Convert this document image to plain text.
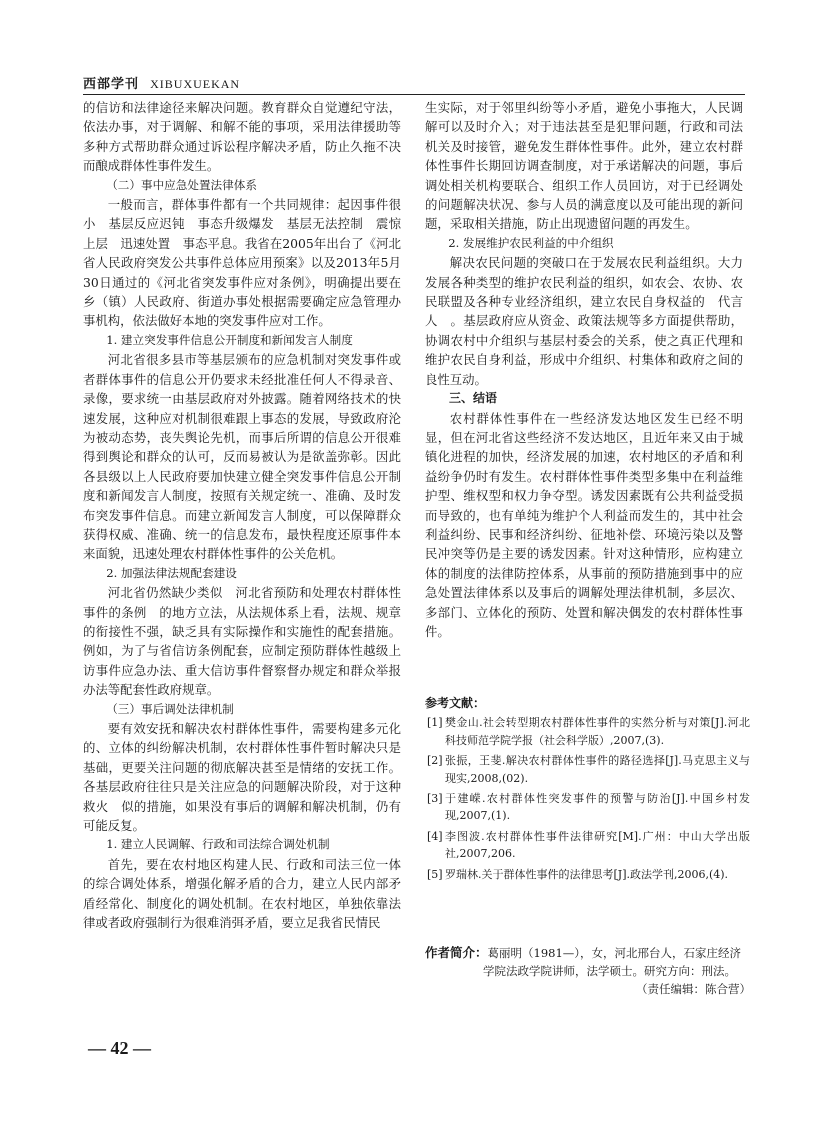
西部学刊 XIBUXUEKAN

的信访和法律途径来解决问题。教育群众自觉遵纪守法，依法办事，对于调解、和解不能的事项，采用法律援助等多种方式帮助群众通过诉讼程序解决矛盾，防止久拖不决而酿成群体性事件发生。

（二）事中应急处置法律体系

一般而言，群体事件都有一个共同规律：起因事件很小　基层反应迟钝　事态升级爆发　基层无法控制　震惊上层　迅速处置　事态平息。我省在2005年出台了《河北省人民政府突发公共事件总体应用预案》以及2013年5月30日通过的《河北省突发事件应对条例》，明确提出要在乡（镇）人民政府、街道办事处根据需要确定应急管理办事机构，依法做好本地的突发事件应对工作。

1. 建立突发事件信息公开制度和新闻发言人制度

河北省很多县市等基层颁布的应急机制对突发事件或者群体事件的信息公开仍要求未经批准任何人不得录音、录像，要求统一由基层政府对外披露。随着网络技术的快速发展，这种应对机制很难跟上事态的发展，导致政府沦为被动态势，丧失舆论先机，而事后所谓的信息公开很难得到舆论和群众的认可，反而易被认为是欲盖弥彰。因此各县级以上人民政府要加快建立健全突发事件信息公开制度和新闻发言人制度，按照有关规定统一、准确、及时发布突发事件信息。而建立新闻发言人制度，可以保障群众获得权威、准确、统一的信息发布，最快程度还原事件本来面貌，迅速处理农村群体性事件的公关危机。

2. 加强法律法规配套建设

河北省仍然缺少类似　河北省预防和处理农村群体性事件的条例　的地方立法，从法规体系上看，法规、规章的衔接性不强，缺乏具有实际操作和实施性的配套措施。例如，为了与省信访条例配套，应制定预防群体性越级上访事件应急办法、重大信访事件督察督办规定和群众举报办法等配套性政府规章。

（三）事后调处法律机制

要有效安抚和解决农村群体性事件，需要构建多元化的、立体的纠纷解决机制，农村群体性事件暂时解决只是基础，更要关注问题的彻底解决甚至是情绪的安抚工作。各基层政府往往只是关注应急的问题解决阶段，对于这种　救火　似的措施，如果没有事后的调解和解决机制，仍有可能反复。

1. 建立人民调解、行政和司法综合调处机制

首先，要在农村地区构建人民、行政和司法三位一体的综合调处体系，增强化解矛盾的合力，建立人民内部矛盾经常化、制度化的调处机制。在农村地区，单独依靠法律或者政府强制行为很难消弭矛盾，要立足我省民情民

生实际，对于邻里纠纷等小矛盾，避免小事拖大，人民调解可以及时介入；对于违法甚至是犯罪问题，行政和司法机关及时接管，避免发生群体性事件。此外，建立农村群体性事件长期回访调查制度，对于承诺解决的问题，事后调处相关机构要联合、组织工作人员回访，对于已经调处的问题解决状况、参与人员的满意度以及可能出现的新问题，采取相关措施，防止出现遗留问题的再发生。

2. 发展维护农民利益的中介组织

解决农民问题的突破口在于发展农民利益组织。大力发展各种类型的维护农民利益的组织，如农会、农协、农民联盟及各种专业经济组织，建立农民自身权益的　代言人　。基层政府应从资金、政策法规等多方面提供帮助，协调农村中介组织与基层村委会的关系，使之真正代理和维护农民自身利益，形成中介组织、村集体和政府之间的良性互动。

三、结语

农村群体性事件在一些经济发达地区发生已经不明显，但在河北省这些经济不发达地区，且近年来又由于城镇化进程的加快，经济发展的加速，农村地区的矛盾和利益纷争仍时有发生。农村群体性事件类型多集中在利益维护型、维权型和权力争夺型。诱发因素既有公共利益受损而导致的，也有单纯为维护个人利益而发生的，其中社会利益纠纷、民事和经济纠纷、征地补偿、环境污染以及警民冲突等仍是主要的诱发因素。针对这种情形，应构建立体的制度的法律防控体系，从事前的预防措施到事中的应急处置法律体系以及事后的调解处理法律机制，多层次、多部门、立体化的预防、处置和解决偶发的农村群体性事件。

参考文献：
[1] 樊金山.社会转型期农村群体性事件的实然分析与对策[J].河北科技师范学院学报（社会科学版）,2007,(3).
[2] 张振，王斐.解决农村群体性事件的路径选择[J].马克思主义与现实,2008,(02).
[3] 于建嵘.农村群体性突发事件的预警与防治[J].中国乡村发现,2007,(1).
[4] 李图波.农村群体性事件法律研究[M].广州：中山大学出版社,2007,206.
[5] 罗瑞林.关于群体性事件的法律思考[J].政法学刊,2006,(4).
作者简介：葛丽明（1981—），女，河北邢台人，石家庄经济
学院法政学院讲师，法学硕士。研究方向：刑法。
（责任编辑：陈合营）
— 42 —
